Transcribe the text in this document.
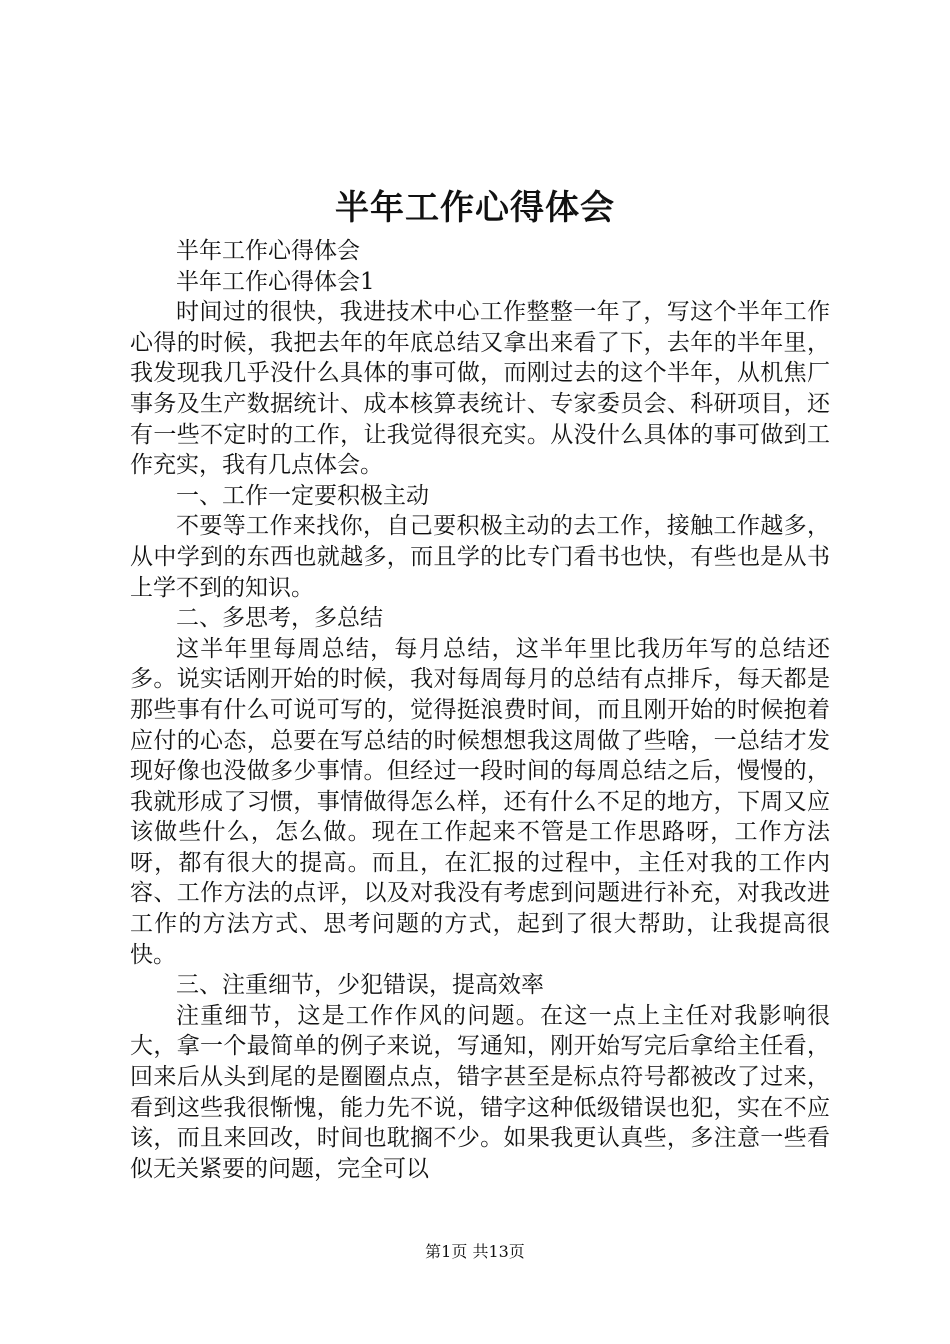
半年工作心得体会

半年工作心得体会

半年工作心得体会1

时间过的很快，我进技术中心工作整整一年了，写这个半年工作心得的时候，我把去年的年底总结又拿出来看了下，去年的半年里，我发现我几乎没什么具体的事可做，而刚过去的这个半年，从机焦厂事务及生产数据统计、成本核算表统计、专家委员会、科研项目，还有一些不定时的工作，让我觉得很充实。从没什么具体的事可做到工作充实，我有几点体会。

一、工作一定要积极主动

不要等工作来找你，自己要积极主动的去工作，接触工作越多，从中学到的东西也就越多，而且学的比专门看书也快，有些也是从书上学不到的知识。

二、多思考，多总结

这半年里每周总结，每月总结，这半年里比我历年写的总结还多。说实话刚开始的时候，我对每周每月的总结有点排斥，每天都是那些事有什么可说可写的，觉得挺浪费时间，而且刚开始的时候抱着应付的心态，总要在写总结的时候想想我这周做了些啥，一总结才发现好像也没做多少事情。但经过一段时间的每周总结之后，慢慢的，我就形成了习惯，事情做得怎么样，还有什么不足的地方，下周又应该做些什么，怎么做。现在工作起来不管是工作思路呀，工作方法呀，都有很大的提高。而且，在汇报的过程中，主任对我的工作内容、工作方法的点评，以及对我没有考虑到问题进行补充，对我改进工作的方法方式、思考问题的方式，起到了很大帮助，让我提高很快。

三、注重细节，少犯错误，提高效率

注重细节，这是工作作风的问题。在这一点上主任对我影响很大，拿一个最简单的例子来说，写通知，刚开始写完后拿给主任看，回来后从头到尾的是圈圈点点，错字甚至是标点符号都被改了过来，看到这些我很惭愧，能力先不说，错字这种低级错误也犯，实在不应该，而且来回改，时间也耽搁不少。如果我更认真些，多注意一些看似无关紧要的问题，完全可以

第1页 共13页
